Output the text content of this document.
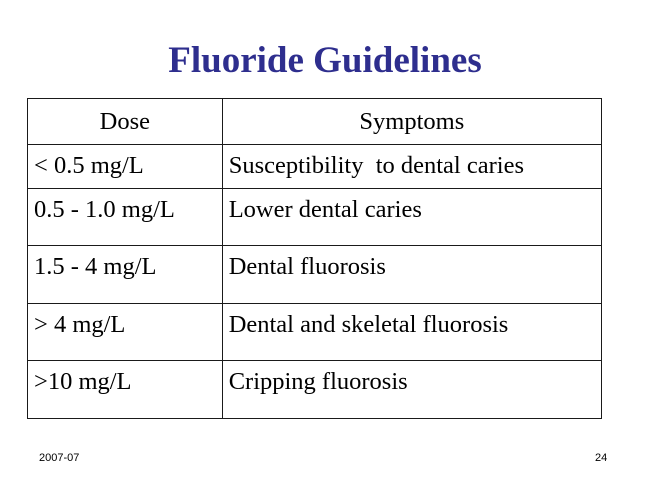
Fluoride Guidelines
Dose	Symptoms

< 0.5 mg/L	Susceptibility  to dental caries

0.5 - 1.0 mg/L	Lower dental caries

1.5 - 4 mg/L	Dental fluorosis

> 4 mg/L	Dental and skeletal fluorosis

>10 mg/L	Cripping fluorosis
2007-07	24
